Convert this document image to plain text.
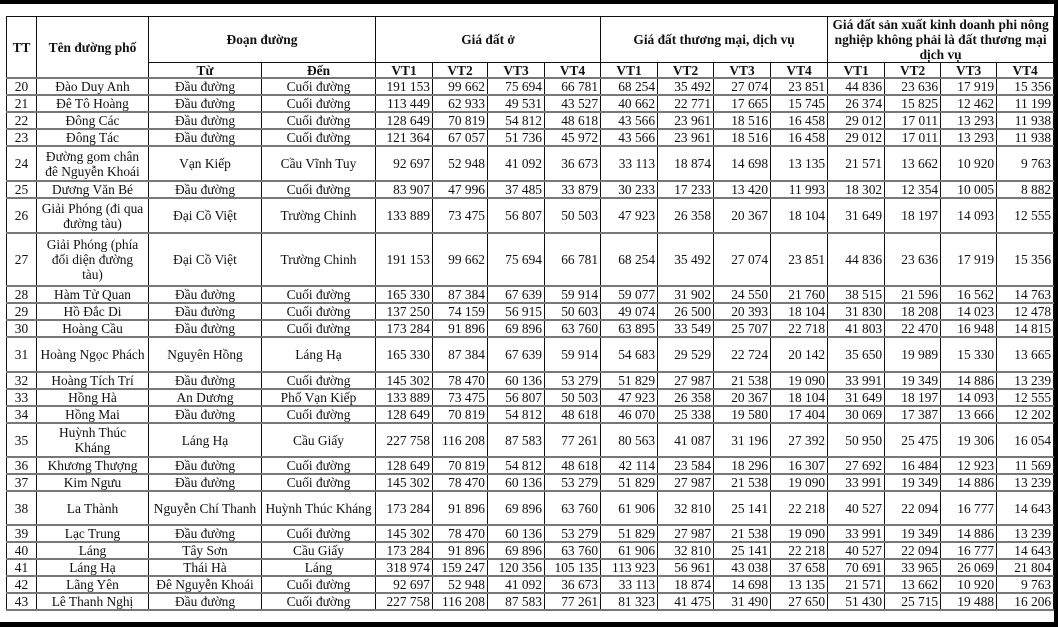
TT	Tên đường phố	Đoạn đường		Giá đất ở				Giá đất thương mại, dịch vụ				Giá đất sản xuất kinh doanh phi nông nghiệp không phải là đất thương mại dịch vụ			
		Từ	Đến	VT1	VT2	VT3	VT4	VT1	VT2	VT3	VT4	VT1	VT2	VT3	VT4
20	Đào Duy Anh	Đầu đường	Cuối đường	191 153	99 662	75 694	66 781	68 254	35 492	27 074	23 851	44 836	23 636	17 919	15 356
21	Đê Tô Hoàng	Đầu đường	Cuối đường	113 449	62 933	49 531	43 527	40 662	22 771	17 665	15 745	26 374	15 825	12 462	11 199
22	Đông Các	Đầu đường	Cuối đường	128 649	70 819	54 812	48 618	43 566	23 961	18 516	16 458	29 012	17 011	13 293	11 938
23	Đông Tác	Đầu đường	Cuối đường	121 364	67 057	51 736	45 972	43 566	23 961	18 516	16 458	29 012	17 011	13 293	11 938
24	Đường gom chân đê Nguyễn Khoái	Vạn Kiếp	Cầu Vĩnh Tuy	92 697	52 948	41 092	36 673	33 113	18 874	14 698	13 135	21 571	13 662	10 920	9 763
25	Dương Văn Bé	Đầu đường	Cuối đường	83 907	47 996	37 485	33 879	30 233	17 233	13 420	11 993	18 302	12 354	10 005	8 882
26	Giải Phóng (đi qua đường tàu)	Đại Cồ Việt	Trường Chinh	133 889	73 475	56 807	50 503	47 923	26 358	20 367	18 104	31 649	18 197	14 093	12 555
27	Giải Phóng (phía đối diện đường tàu)	Đại Cồ Việt	Trường Chinh	191 153	99 662	75 694	66 781	68 254	35 492	27 074	23 851	44 836	23 636	17 919	15 356
28	Hàm Tử Quan	Đầu đường	Cuối đường	165 330	87 384	67 639	59 914	59 077	31 902	24 550	21 760	38 515	21 596	16 562	14 763
29	Hồ Đắc Di	Đầu đường	Cuối đường	137 250	74 159	56 915	50 603	49 074	26 500	20 393	18 104	31 830	18 208	14 023	12 478
30	Hoàng Cầu	Đầu đường	Cuối đường	173 284	91 896	69 896	63 760	63 895	33 549	25 707	22 718	41 803	22 470	16 948	14 815
31	Hoàng Ngọc Phách	Nguyên Hồng	Láng Hạ	165 330	87 384	67 639	59 914	54 683	29 529	22 724	20 142	35 650	19 989	15 330	13 665
32	Hoàng Tích Trí	Đầu đường	Cuối đường	145 302	78 470	60 136	53 279	51 829	27 987	21 538	19 090	33 991	19 349	14 886	13 239
33	Hồng Hà	An Dương	Phố Vạn Kiếp	133 889	73 475	56 807	50 503	47 923	26 358	20 367	18 104	31 649	18 197	14 093	12 555
34	Hồng Mai	Đầu đường	Cuối đường	128 649	70 819	54 812	48 618	46 070	25 338	19 580	17 404	30 069	17 387	13 666	12 202
35	Huỳnh Thúc Kháng	Láng Hạ	Cầu Giấy	227 758	116 208	87 583	77 261	80 563	41 087	31 196	27 392	50 950	25 475	19 306	16 054
36	Khương Thượng	Đầu đường	Cuối đường	128 649	70 819	54 812	48 618	42 114	23 584	18 296	16 307	27 692	16 484	12 923	11 569
37	Kim Ngưu	Đầu đường	Cuối đường	145 302	78 470	60 136	53 279	51 829	27 987	21 538	19 090	33 991	19 349	14 886	13 239
38	La Thành	Nguyễn Chí Thanh	Huỳnh Thúc Kháng	173 284	91 896	69 896	63 760	61 906	32 810	25 141	22 218	40 527	22 094	16 777	14 643
39	Lạc Trung	Đầu đường	Cuối đường	145 302	78 470	60 136	53 279	51 829	27 987	21 538	19 090	33 991	19 349	14 886	13 239
40	Láng	Tây Sơn	Cầu Giấy	173 284	91 896	69 896	63 760	61 906	32 810	25 141	22 218	40 527	22 094	16 777	14 643
41	Láng Hạ	Thái Hà	Láng	318 974	159 247	120 356	105 135	113 923	56 961	43 038	37 658	70 691	33 965	26 069	21 804
42	Lãng Yên	Đê Nguyễn Khoái	Cuối đường	92 697	52 948	41 092	36 673	33 113	18 874	14 698	13 135	21 571	13 662	10 920	9 763
43	Lê Thanh Nghị	Đầu đường	Cuối đường	227 758	116 208	87 583	77 261	81 323	41 475	31 490	27 650	51 430	25 715	19 488	16 206
